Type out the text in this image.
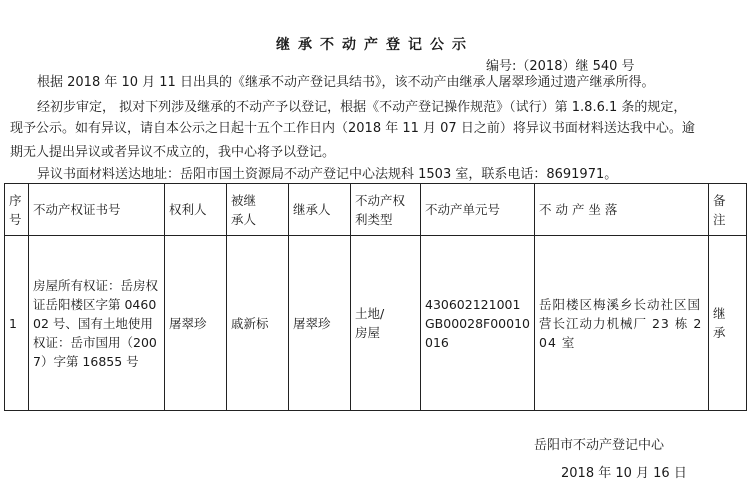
继承不动产登记公示
编号:（2018）继 540 号
根据 2018 年 10 月 11 日出具的《继承不动产登记具结书》，该不动产由继承人屠翠珍通过遗产继承所得。
经初步审定， 拟对下列涉及继承的不动产予以登记，根据《不动产登记操作规范》（试行）第 1.8.6.1 条的规定，
现予公示。如有异议，请自本公示之日起十五个工作日内（2018 年 11 月 07 日之前）将异议书面材料送达我中心。逾
期无人提出异议或者异议不成立的，我中心将予以登记。
异议书面材料送达地址：岳阳市国土资源局不动产登记中心法规科 1503 室，联系电话：8691971。
序号	不动产权证书号	权利人	被继承人	继承人	不动产权利类型	不动产单元号	不 动 产 坐 落	备注
1	房屋所有权证：岳房权证岳阳楼区字第 046002 号、国有土地使用权证：岳市国用（2007）字第 16855 号	屠翠珍	戚新标	屠翠珍	土地/房屋	430602121001GB00028F00010016	岳阳楼区梅溪乡长动社区国营长江动力机械厂 23 栋 204 室	继承
岳阳市不动产登记中心
2018 年 10 月 16 日
